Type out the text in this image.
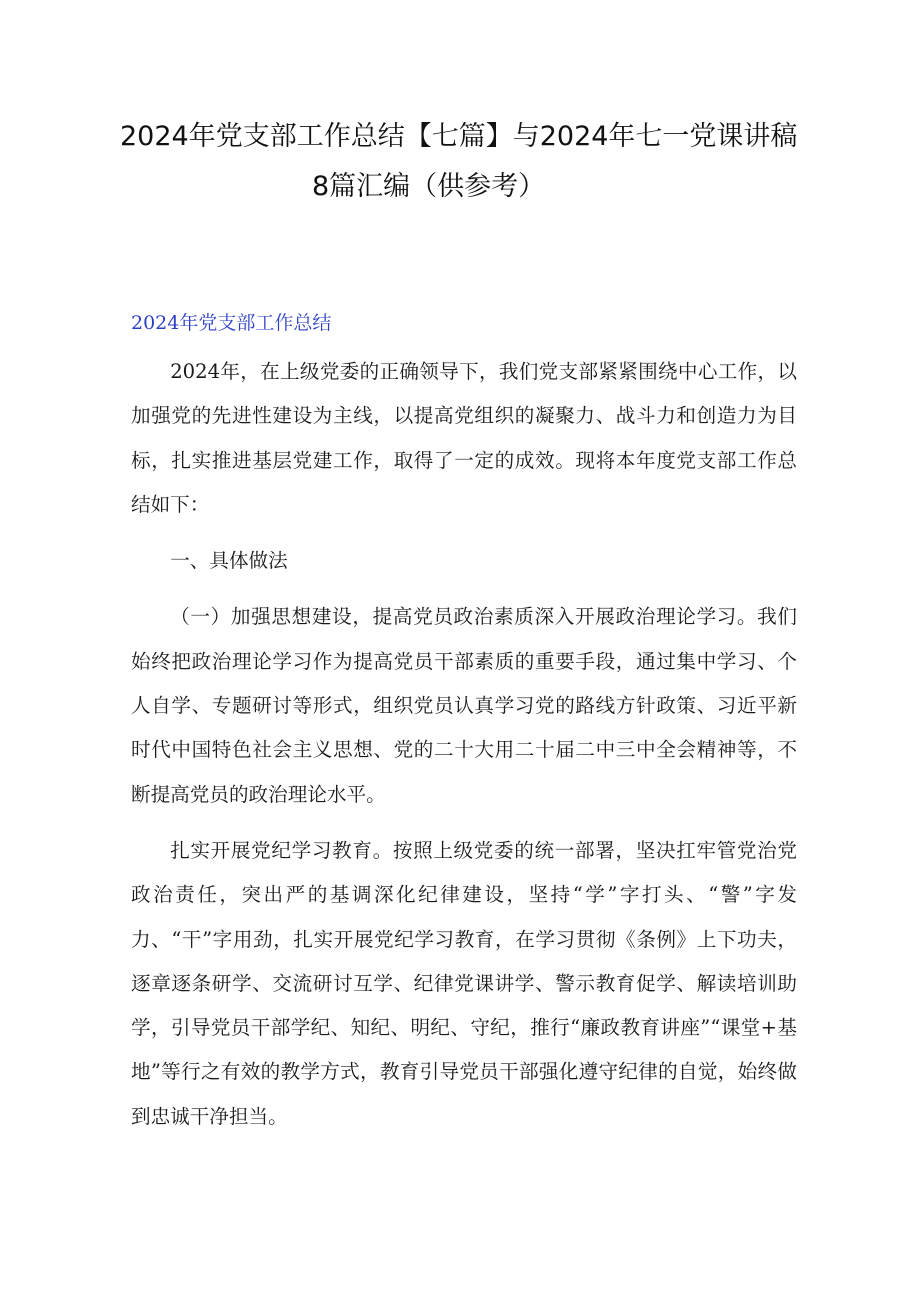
2024年党支部工作总结【七篇】与2024年七一党课讲稿
8篇汇编（供参考）
2024年党支部工作总结

2024年，在上级党委的正确领导下，我们党支部紧紧围绕中心工作，以加强党的先进性建设为主线，以提高党组织的凝聚力、战斗力和创造力为目标，扎实推进基层党建工作，取得了一定的成效。现将本年度党支部工作总结如下：

一、具体做法

（一）加强思想建设，提高党员政治素质深入开展政治理论学习。我们始终把政治理论学习作为提高党员干部素质的重要手段，通过集中学习、个人自学、专题研讨等形式，组织党员认真学习党的路线方针政策、习近平新时代中国特色社会主义思想、党的二十大用二十届二中三中全会精神等，不断提高党员的政治理论水平。

扎实开展党纪学习教育。按照上级党委的统一部署，坚决扛牢管党治党政治责任，突出严的基调深化纪律建设，坚持“学”字打头、“警”字发力、“干”字用劲，扎实开展党纪学习教育，在学习贯彻《条例》上下功夫，逐章逐条研学、交流研讨互学、纪律党课讲学、警示教育促学、解读培训助学，引导党员干部学纪、知纪、明纪、守纪，推行“廉政教育讲座”“课堂+基地”等行之有效的教学方式，教育引导党员干部强化遵守纪律的自觉，始终做到忠诚干净担当。
